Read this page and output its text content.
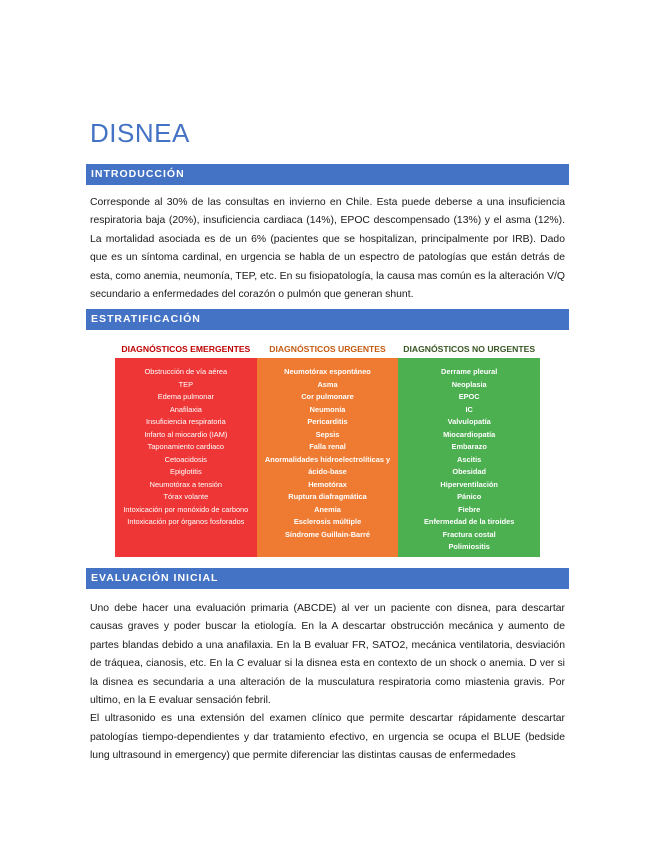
DISNEA
INTRODUCCIÓN

Corresponde al 30% de las consultas en invierno en Chile. Esta puede deberse a una insuficiencia respiratoria baja (20%), insuficiencia cardiaca (14%), EPOC descompensado (13%) y el asma (12%). La mortalidad asociada es de un 6% (pacientes que se hospitalizan, principalmente por IRB). Dado que es un síntoma cardinal, en urgencia se habla de un espectro de patologías que están detrás de esta, como anemia, neumonía, TEP, etc. En su fisiopatología, la causa mas común es la alteración V/Q secundario a enfermedades del corazón o pulmón que generan shunt.

ESTRATIFICACIÓN
DIAGNÓSTICOS EMERGENTES
Obstrucción de vía aérea
TEP
Edema pulmonar
Anafilaxia
Insuficiencia respiratoria
Infarto al miocardio (IAM)
Taponamiento cardiaco
Cetoacidosis
Epiglotitis
Neumotórax a tensión
Tórax volante
Intoxicación por monóxido de carbono
Intoxicación por órganos fosforados
DIAGNÓSTICOS URGENTES
Neumotórax espontáneo
Asma
Cor pulmonare
Neumonía
Pericarditis
Sepsis
Falla renal
Anormalidades hidroelectrolíticas y ácido-base
Hemotórax
Ruptura diafragmática
Anemia
Esclerosis múltiple
Síndrome Guillain-Barré
DIAGNÓSTICOS NO URGENTES
Derrame pleural
Neoplasia
EPOC
IC
Valvulopatía
Miocardiopatía
Embarazo
Ascitis
Obesidad
Hiperventilación
Pánico
Fiebre
Enfermedad de la tiroides
Fractura costal
Polimiositis
EVALUACIÓN INICIAL

Uno debe hacer una evaluación primaria (ABCDE) al ver un paciente con disnea, para descartar causas graves y poder buscar la etiología. En la A descartar obstrucción mecánica y aumento de partes blandas debido a una anafilaxia. En la B evaluar FR, SATO2, mecánica ventilatoria, desviación de tráquea, cianosis, etc. En la C evaluar si la disnea esta en contexto de un shock o anemia. D ver si la disnea es secundaria a una alteración de la musculatura respiratoria como miastenia gravis. Por ultimo, en la E evaluar sensación febril.

El ultrasonido es una extensión del examen clínico que permite descartar rápidamente descartar patologías tiempo-dependientes y dar tratamiento efectivo, en urgencia se ocupa el BLUE (bedside lung ultrasound in emergency) que permite diferenciar las distintas causas de enfermedades
